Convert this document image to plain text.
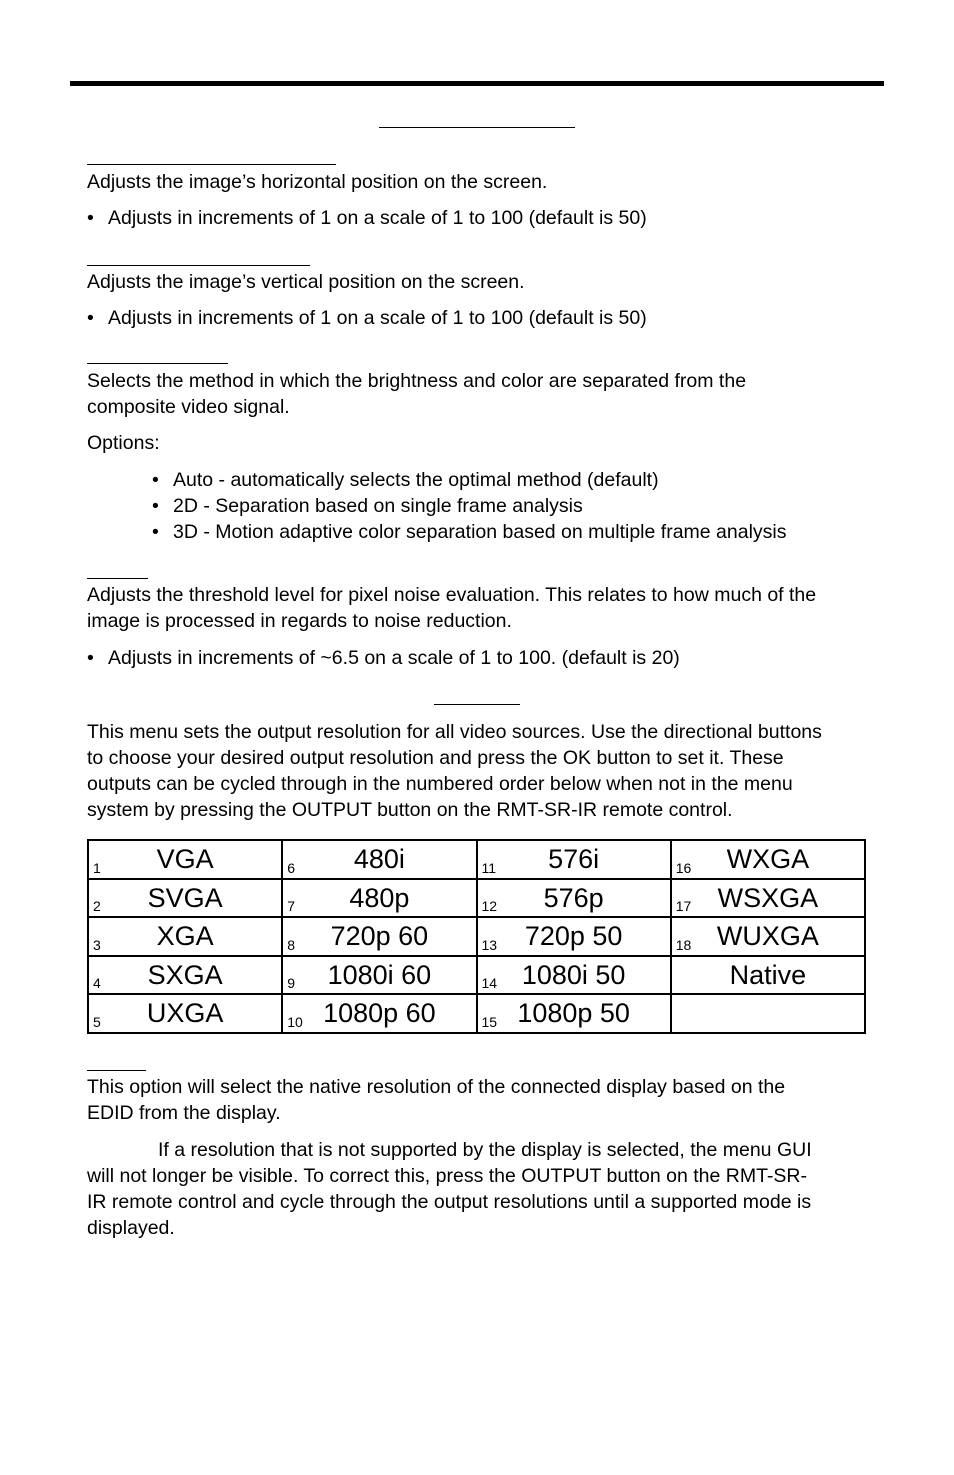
Adjusts the image’s horizontal position on the screen.

• Adjusts in increments of 1 on a scale of 1 to 100 (default is 50)

Adjusts the image’s vertical position on the screen.

• Adjusts in increments of 1 on a scale of 1 to 100 (default is 50)

Selects the method in which the brightness and color are separated from the

composite video signal.

Options:

• Auto - automatically selects the optimal method (default)

• 2D - Separation based on single frame analysis

• 3D - Motion adaptive color separation based on multiple frame analysis

Adjusts the threshold level for pixel noise evaluation. This relates to how much of the

image is processed in regards to noise reduction.

• Adjusts in increments of ~6.5 on a scale of 1 to 100. (default is 20)

This menu sets the output resolution for all video sources. Use the directional buttons

to choose your desired output resolution and press the OK button to set it. These

outputs can be cycled through in the numbered order below when not in the menu

system by pressing the OUTPUT button on the RMT-SR-IR remote control.

1 VGA	6 480i	11 576i	16 WXGA

2 SVGA	7 480p	12 576p	17 WSXGA

3 XGA	8 720p 60	13 720p 50	18 WUXGA

4 SXGA	9 1080i 60	14 1080i 50	Native

5 UXGA	10 1080p 60	15 1080p 50	

This option will select the native resolution of the connected display based on the

EDID from the display.

If a resolution that is not supported by the display is selected, the menu GUI

will not longer be visible. To correct this, press the OUTPUT button on the RMT-SR-

IR remote control and cycle through the output resolutions until a supported mode is

displayed.
